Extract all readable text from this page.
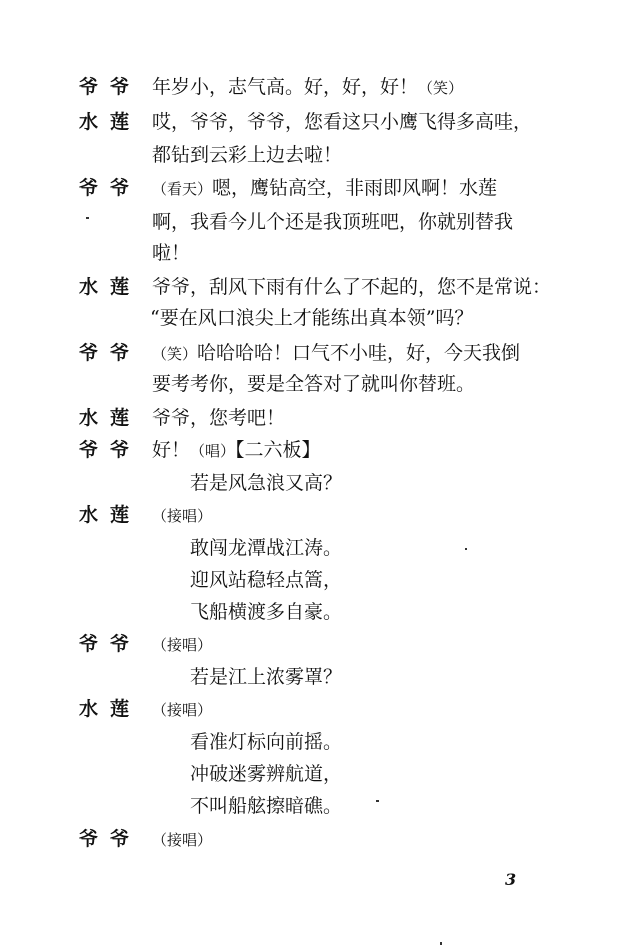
爷爷 年岁小，志气高。好，好，好！（笑）
水莲 哎，爷爷，爷爷，您看这只小鹰飞得多高哇，
都钻到云彩上边去啦！
爷爷 （看天）嗯，鹰钻高空，非雨即风啊！水莲
啊，我看今儿个还是我顶班吧，你就别替我
啦！
水莲 爷爷，刮风下雨有什么了不起的，您不是常说：
“要在风口浪尖上才能练出真本领”吗？
爷爷 （笑）哈哈哈哈！口气不小哇，好，今天我倒
要考考你，要是全答对了就叫你替班。
水莲 爷爷，您考吧！
爷爷 好！（唱）【二六板】
若是风急浪又高？
水莲 （接唱）
敢闯龙潭战江涛。
迎风站稳轻点篙，
飞船横渡多自豪。
爷爷 （接唱）
若是江上浓雾罩？
水莲 （接唱）
看准灯标向前摇。
冲破迷雾辨航道，
不叫船舷擦暗礁。
爷爷 （接唱）
3
